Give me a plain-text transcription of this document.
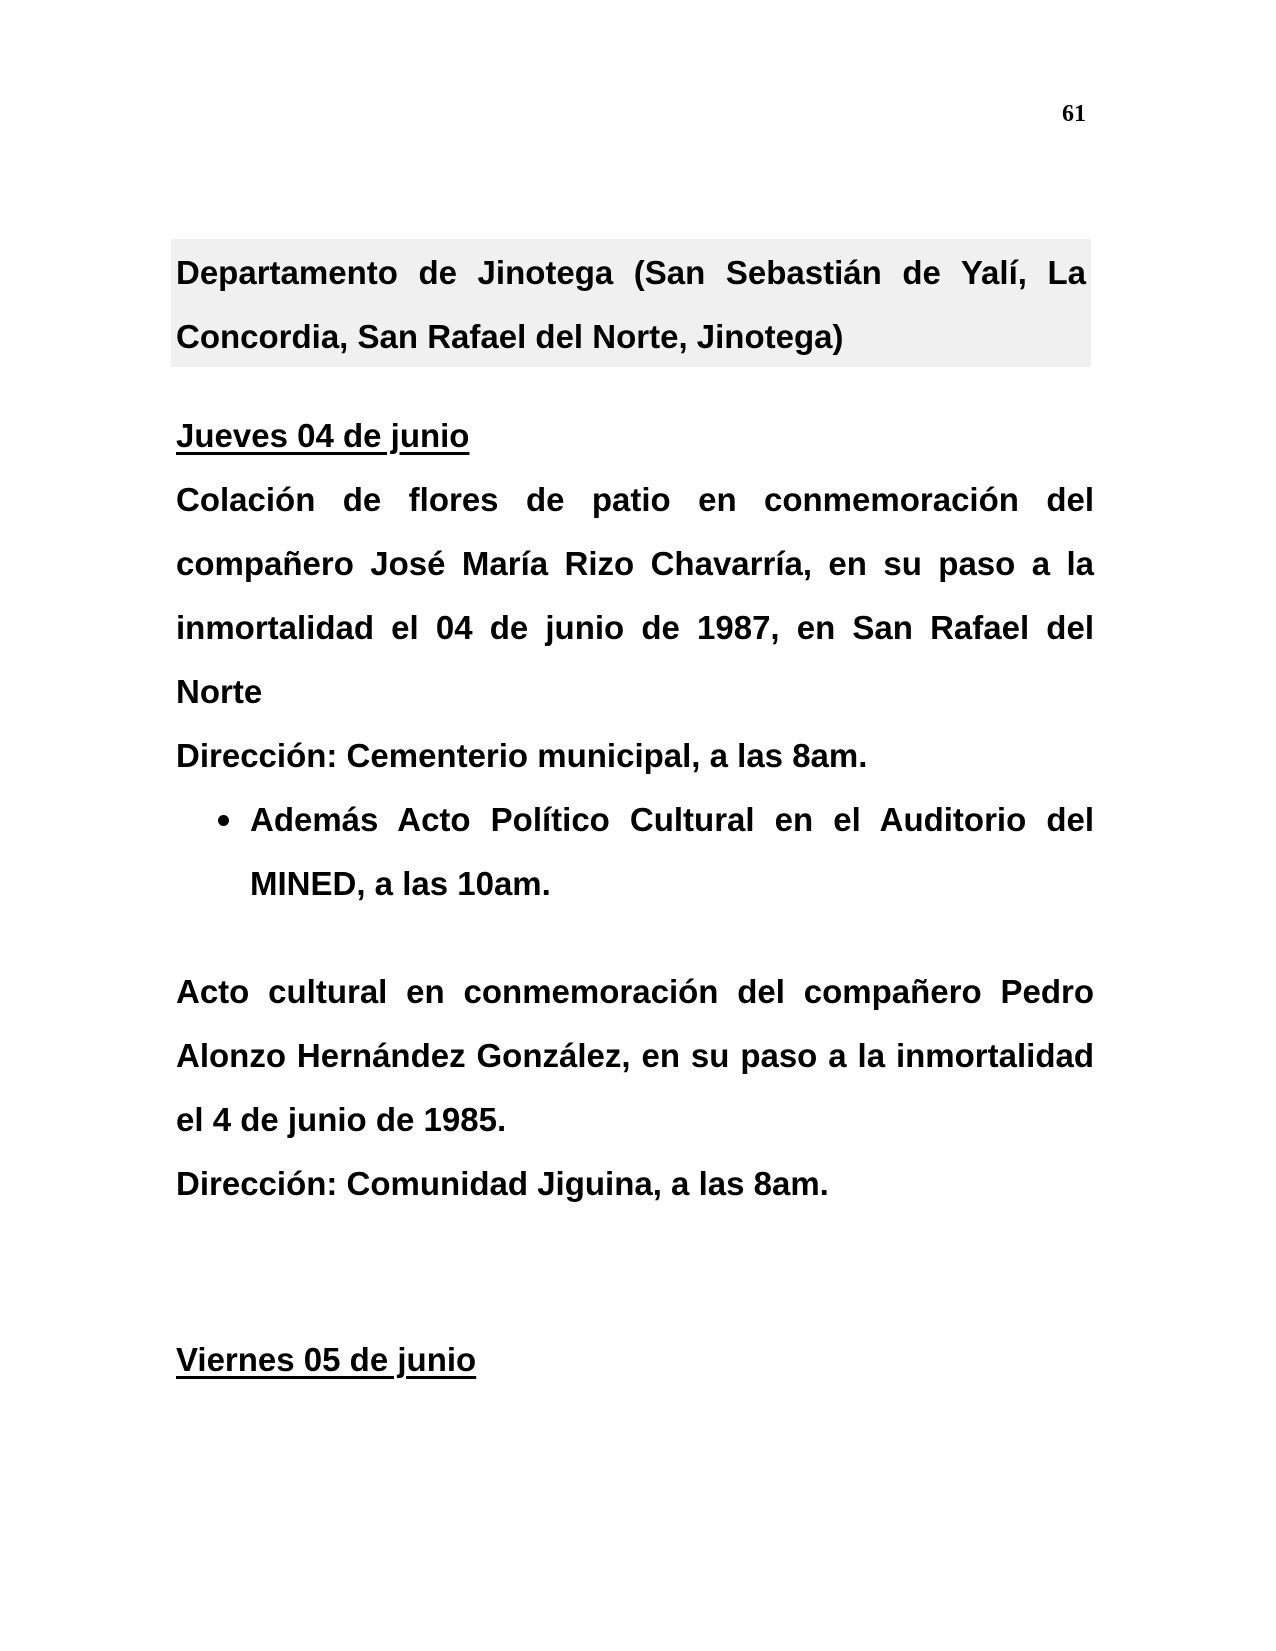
61
Departamento de Jinotega (San Sebastián de Yalí, La Concordia, San Rafael del Norte, Jinotega)
Jueves 04 de junio
Colación de flores de patio en conmemoración del compañero José María Rizo Chavarría, en su paso a la inmortalidad el 04 de junio de 1987, en San Rafael del Norte
Dirección: Cementerio municipal, a las 8am.
Además Acto Político Cultural en el Auditorio del MINED, a las 10am.
Acto cultural en conmemoración del compañero Pedro Alonzo Hernández González, en su paso a la inmortalidad el 4 de junio de 1985.
Dirección: Comunidad Jiguina, a las 8am.
Viernes 05 de junio
